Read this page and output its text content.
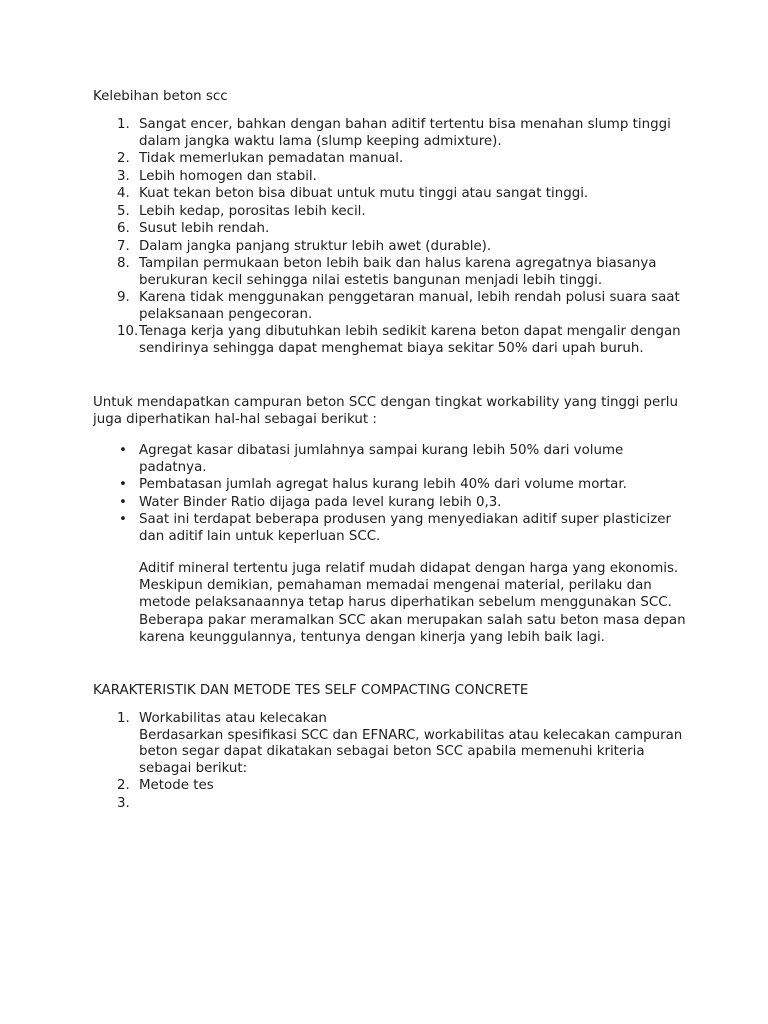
Kelebihan beton scc

1. Sangat encer, bahkan dengan bahan aditif tertentu bisa menahan slump tinggi dalam jangka waktu lama (slump keeping admixture).
2. Tidak memerlukan pemadatan manual.
3. Lebih homogen dan stabil.
4. Kuat tekan beton bisa dibuat untuk mutu tinggi atau sangat tinggi.
5. Lebih kedap, porositas lebih kecil.
6. Susut lebih rendah.
7. Dalam jangka panjang struktur lebih awet (durable).
8. Tampilan permukaan beton lebih baik dan halus karena agregatnya biasanya berukuran kecil sehingga nilai estetis bangunan menjadi lebih tinggi.
9. Karena tidak menggunakan penggetaran manual, lebih rendah polusi suara saat pelaksanaan pengecoran.
10. Tenaga kerja yang dibutuhkan lebih sedikit karena beton dapat mengalir dengan sendirinya sehingga dapat menghemat biaya sekitar 50% dari upah buruh.

Untuk mendapatkan campuran beton SCC dengan tingkat workability yang tinggi perlu juga diperhatikan hal-hal sebagai berikut :

• Agregat kasar dibatasi jumlahnya sampai kurang lebih 50% dari volume padatnya.
• Pembatasan jumlah agregat halus kurang lebih 40% dari volume mortar.
• Water Binder Ratio dijaga pada level kurang lebih 0,3.
• Saat ini terdapat beberapa produsen yang menyediakan aditif super plasticizer dan aditif lain untuk keperluan SCC.

Aditif mineral tertentu juga relatif mudah didapat dengan harga yang ekonomis. Meskipun demikian, pemahaman memadai mengenai material, perilaku dan metode pelaksanaannya tetap harus diperhatikan sebelum menggunakan SCC. Beberapa pakar meramalkan SCC akan merupakan salah satu beton masa depan karena keunggulannya, tentunya dengan kinerja yang lebih baik lagi.

KARAKTERISTIK DAN METODE TES SELF COMPACTING CONCRETE

1. Workabilitas atau kelecakan
Berdasarkan spesifikasi SCC dan EFNARC, workabilitas atau kelecakan campuran beton segar dapat dikatakan sebagai beton SCC apabila memenuhi kriteria sebagai berikut:
2. Metode tes
3.
